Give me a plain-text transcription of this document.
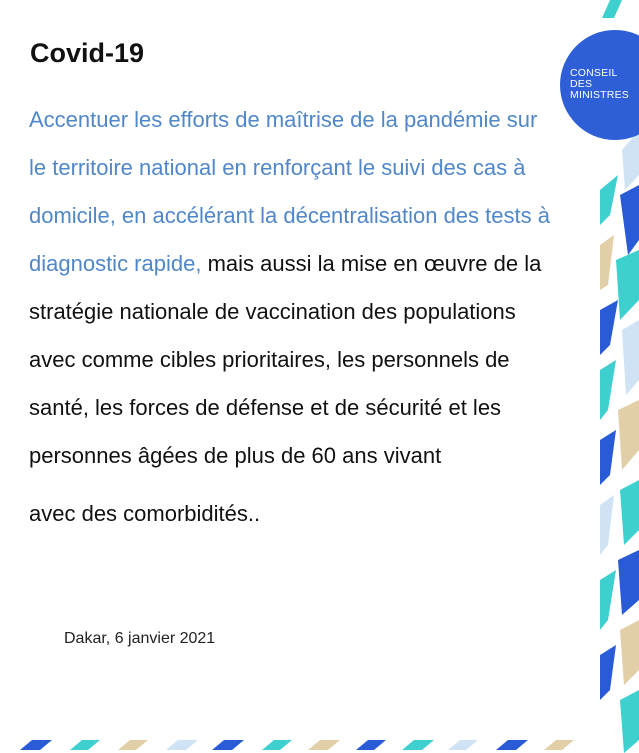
Covid-19

Accentuer les efforts de maîtrise de la pandémie sur le territoire national en renforçant le suivi des cas à domicile, en accélérant la décentralisation des tests à diagnostic rapide, mais aussi la mise en œuvre de la stratégie nationale de vaccination des populations avec comme cibles prioritaires, les personnels de santé, les forces de défense et de sécurité et les personnes âgées de plus de 60 ans vivant
avec des comorbidités..

Dakar, 6 janvier 2021
CONSEIL
DES
MINISTRES
